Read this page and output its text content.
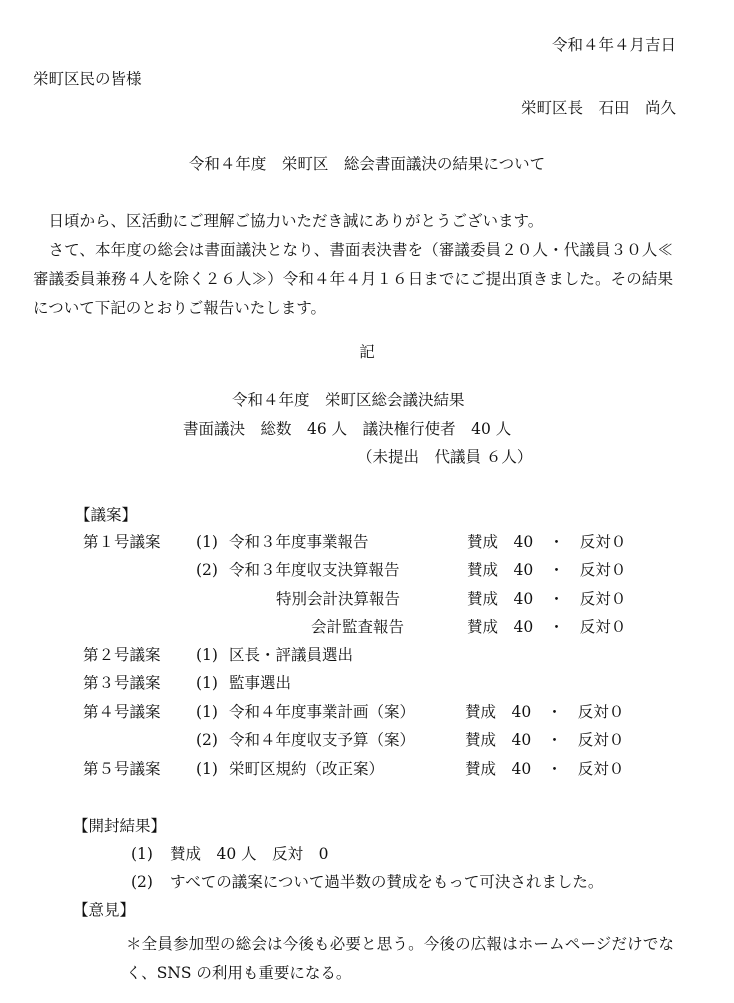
令和４年４月吉日
栄町区民の皆様
栄町区長　石田　尚久
令和４年度　栄町区　総会書面議決の結果について
日頃から、区活動にご理解ご協力いただき誠にありがとうございます。
さて、本年度の総会は書面議決となり、書面表決書を（審議委員２０人・代議員３０人≪審議委員兼務４人を除く２６人≫）令和４年４月１６日までにご提出頂きました。その結果について下記のとおりご報告いたします。
記
令和４年度　栄町区総会議決結果
書面議決　総数　46 人　議決権行使者　40 人
（未提出　代議員 ６人）
【議案】
第１号議案 (1) 令和３年度事業報告	賛成　40　・　反対０
(2) 令和３年度収支決算報告	賛成　40　・　反対０
特別会計決算報告	賛成　40　・　反対０
会計監査報告	賛成　40　・　反対０
第２号議案 (1) 区長・評議員選出
第３号議案 (1) 監事選出
第４号議案 (1) 令和４年度事業計画（案）	賛成　40　・　反対０
(2) 令和４年度収支予算（案）	賛成　40　・　反対０
第５号議案 (1) 栄町区規約（改正案）	賛成　40　・　反対０
【開封結果】
(1) 賛成　40 人　反対　0
(2) すべての議案について過半数の賛成をもって可決されました。
【意見】
＊全員参加型の総会は今後も必要と思う。今後の広報はホームページだけでなく、SNS の利用も重要になる。
